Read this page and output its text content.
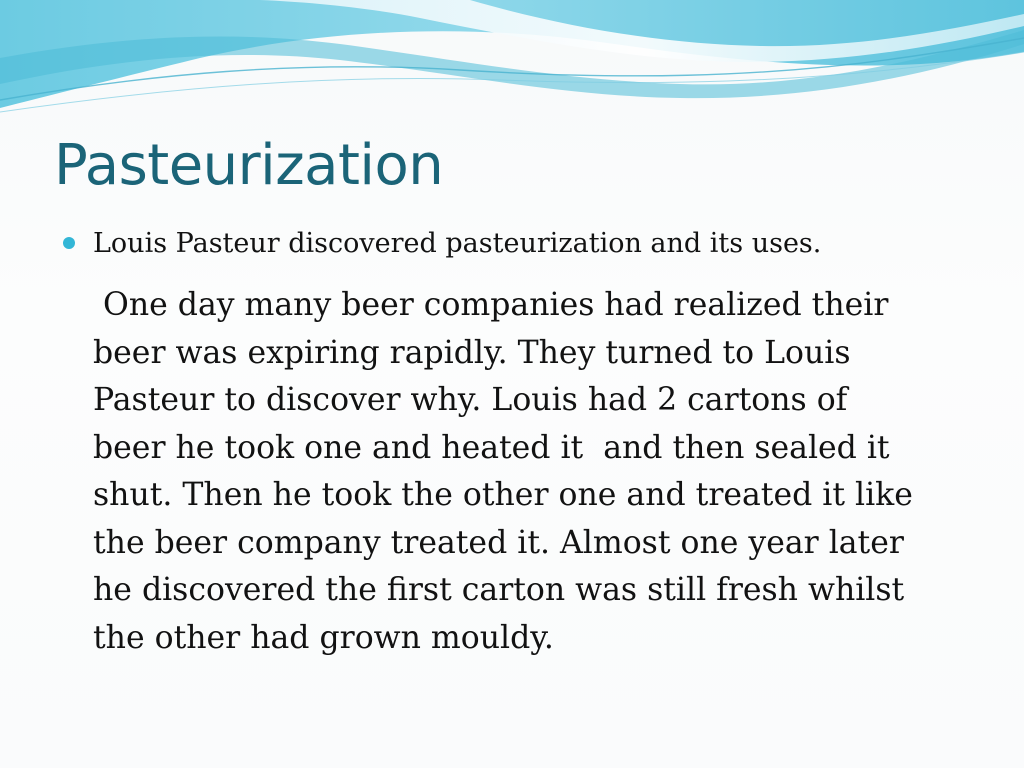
Pasteurization
Louis Pasteur discovered pasteurization and its uses.
One day many beer companies had realized their
beer was expiring rapidly. They turned to Louis
Pasteur to discover why. Louis had 2 cartons of
beer he took one and heated it  and then sealed it
shut. Then he took the other one and treated it like
the beer company treated it. Almost one year later
he discovered the first carton was still fresh whilst
the other had grown mouldy.
